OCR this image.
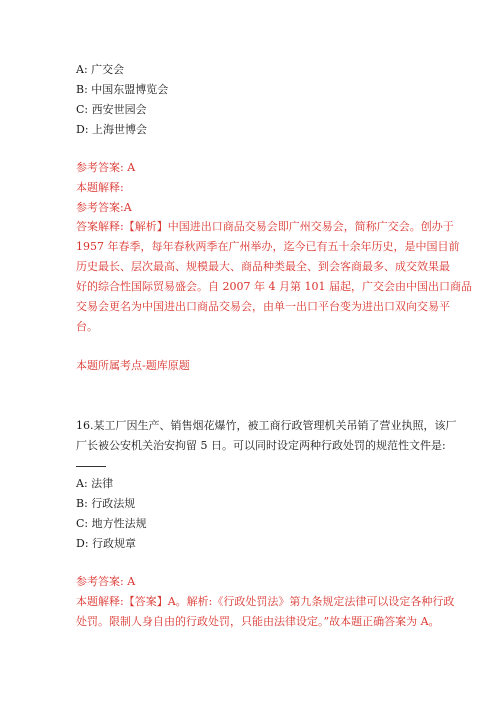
A: 广交会
B: 中国东盟博览会
C: 西安世园会
D: 上海世博会
参考答案: A
本题解释:
参考答案:A
答案解释:【解析】中国进出口商品交易会即广州交易会，简称广交会。创办于
1957 年春季，每年春秋两季在广州举办，迄今已有五十余年历史，是中国目前
历史最长、层次最高、规模最大、商品种类最全、到会客商最多、成交效果最
好的综合性国际贸易盛会。自 2007 年 4 月第 101 届起，广交会由中国出口商品
交易会更名为中国进出口商品交易会，由单一出口平台变为进出口双向交易平
台。
本题所属考点-题库原题
16.某工厂因生产、销售烟花爆竹，被工商行政管理机关吊销了营业执照，该厂
厂长被公安机关治安拘留 5 日。可以同时设定两种行政处罚的规范性文件是:
A: 法律
B: 行政法规
C: 地方性法规
D: 行政规章
参考答案: A
本题解释:【答案】A。解析:《行政处罚法》第九条规定法律可以设定各种行政
处罚。限制人身自由的行政处罚，只能由法律设定。”故本题正确答案为 A。
